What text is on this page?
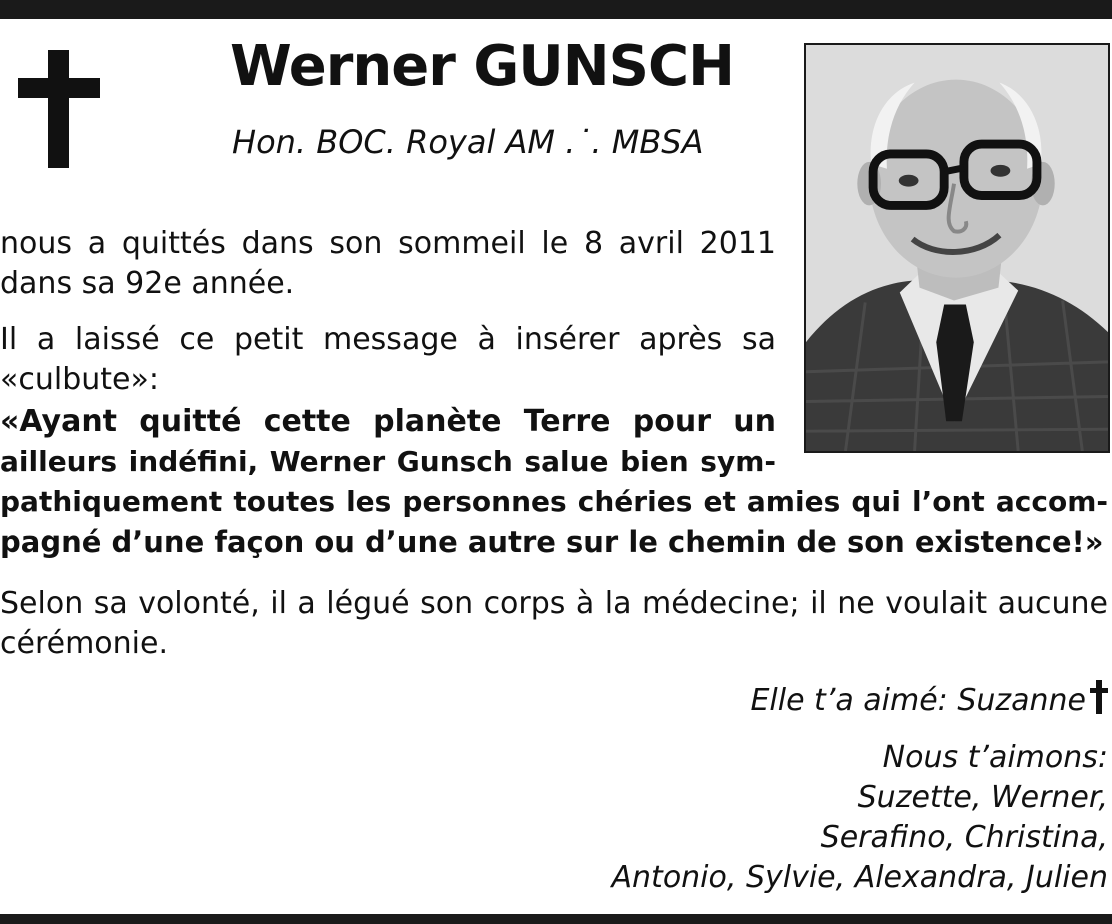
Werner GUNSCH
Hon. BOC. Royal AM .˙. MBSA

nous a quittés dans son sommeil le 8 avril 2011
dans sa 92e année.

Il a laissé ce petit message à insérer après sa
«culbute»:

«Ayant quitté cette planète Terre pour un
ailleurs indéfini, Werner Gunsch salue bien sym-

pathiquement toutes les personnes chéries et amies qui l’ont accom-
pagné d’une façon ou d’une autre sur le chemin de son existence!»

Selon sa volonté, il a légué son corps à la médecine; il ne voulait aucune
cérémonie.

Elle t’a aimé: Suzanne
Nous t’aimons:
Suzette, Werner,
Serafino, Christina,
Antonio, Sylvie, Alexandra, Julien
